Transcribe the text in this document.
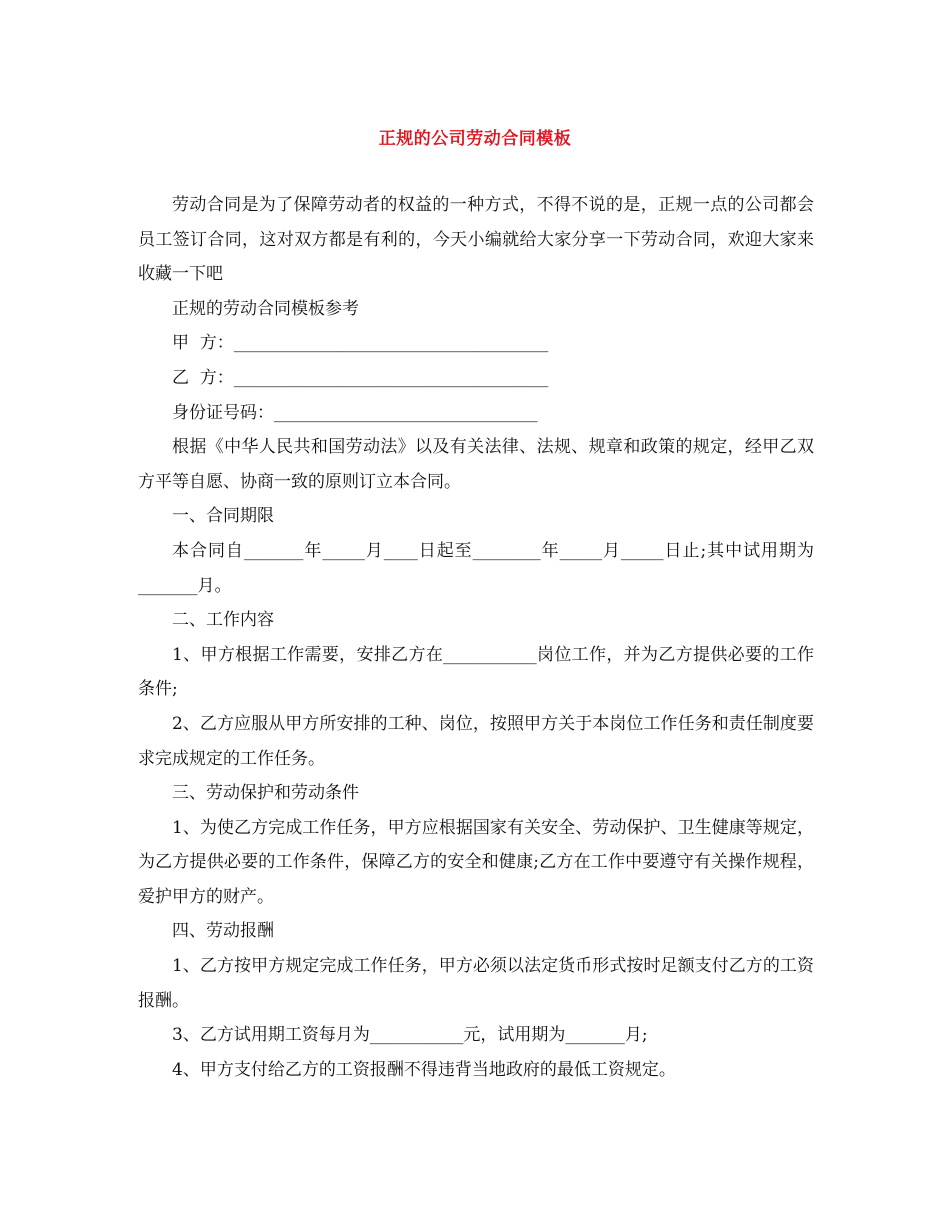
正规的公司劳动合同模板

劳动合同是为了保障劳动者的权益的一种方式，不得不说的是，正规一点的公司都会员工签订合同，这对双方都是有利的，今天小编就给大家分享一下劳动合同，欢迎大家来收藏一下吧

正规的劳动合同模板参考

甲  方：_____________________________________

乙  方：_____________________________________

身份证号码：_______________________________

根据《中华人民共和国劳动法》以及有关法律、法规、规章和政策的规定，经甲乙双方平等自愿、协商一致的原则订立本合同。

一、合同期限

本合同自_______年_____月____日起至________年_____月_____日止;其中试用期为_______月。

二、工作内容

1、甲方根据工作需要，安排乙方在___________岗位工作，并为乙方提供必要的工作条件;

2、乙方应服从甲方所安排的工种、岗位，按照甲方关于本岗位工作任务和责任制度要求完成规定的工作任务。

三、劳动保护和劳动条件

1、为使乙方完成工作任务，甲方应根据国家有关安全、劳动保护、卫生健康等规定，为乙方提供必要的工作条件，保障乙方的安全和健康;乙方在工作中要遵守有关操作规程，爱护甲方的财产。

四、劳动报酬

1、乙方按甲方规定完成工作任务，甲方必须以法定货币形式按时足额支付乙方的工资报酬。

3、乙方试用期工资每月为___________元，试用期为_______月;

4、甲方支付给乙方的工资报酬不得违背当地政府的最低工资规定。
